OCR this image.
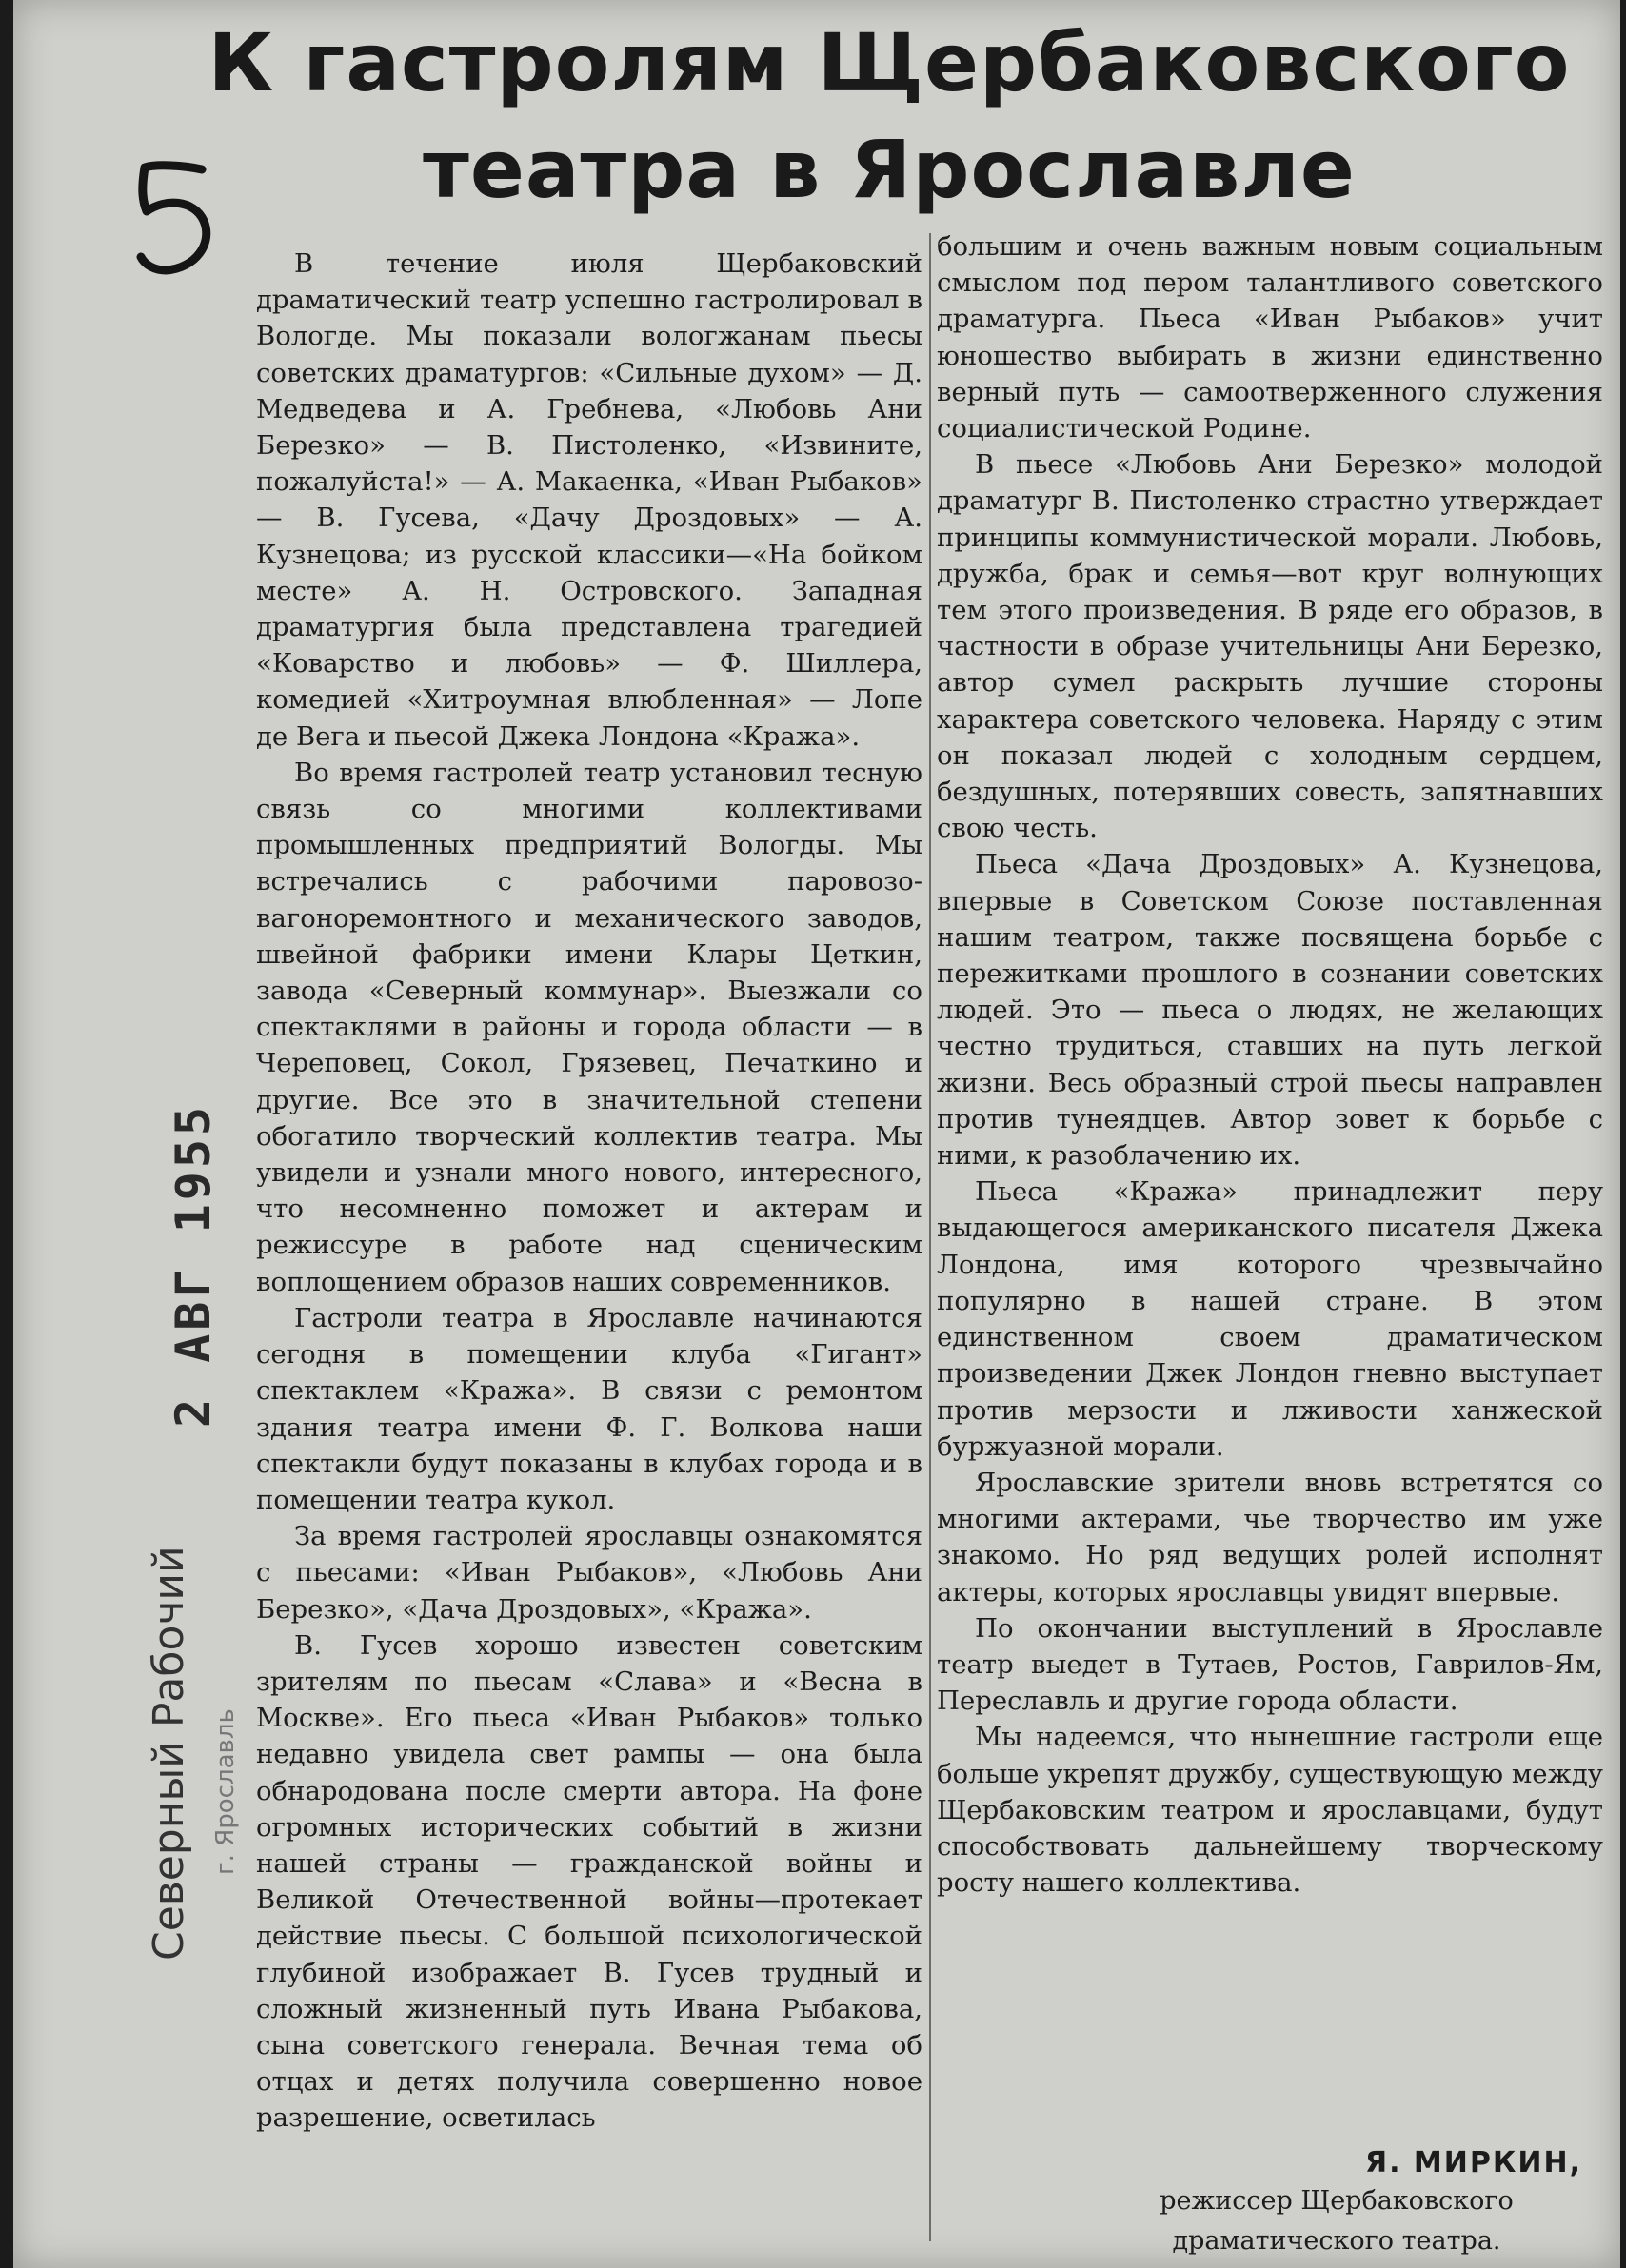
К гастролям Щербаковского
театра в Ярославле
2 АВГ 1955
Северный Рабочий г. Ярославль

В течение июля Щербаковский драматический театр успешно гастролировал в Вологде. Мы показали вологжанам пьесы советских драматургов: «Сильные духом» — Д. Медведева и А. Гребнева, «Любовь Ани Березко» — В. Пистоленко, «Извините, пожалуйста!» — А. Макаенка, «Иван Рыбаков» — В. Гусева, «Дачу Дроздовых» — А. Кузнецова; из русской классики—«На бойком месте» А. Н. Островского. Западная драматургия была представлена трагедией «Коварство и любовь» — Ф. Шиллера, комедией «Хитроумная влюбленная» — Лопе де Вега и пьесой Джека Лондона «Кража».

Во время гастролей театр установил тесную связь со многими коллективами промышленных предприятий Вологды. Мы встречались с рабочими паровозо-вагоноремонтного и механического заводов, швейной фабрики имени Клары Цеткин, завода «Северный коммунар». Выезжали со спектаклями в районы и города области — в Череповец, Сокол, Грязевец, Печаткино и другие. Все это в значительной степени обогатило творческий коллектив театра. Мы увидели и узнали много нового, интересного, что несомненно поможет и актерам и режиссуре в работе над сценическим воплощением образов наших современников.

Гастроли театра в Ярославле начинаются сегодня в помещении клуба «Гигант» спектаклем «Кража». В связи с ремонтом здания театра имени Ф. Г. Волкова наши спектакли будут показаны в клубах города и в помещении театра кукол.

За время гастролей ярославцы ознакомятся с пьесами: «Иван Рыбаков», «Любовь Ани Березко», «Дача Дроздовых», «Кража».

В. Гусев хорошо известен советским зрителям по пьесам «Слава» и «Весна в Москве». Его пьеса «Иван Рыбаков» только недавно увидела свет рампы — она была обнародована после смерти автора. На фоне огромных исторических событий в жизни нашей страны — гражданской войны и Великой Отечественной войны—протекает действие пьесы. С большой психологической глубиной изображает В. Гусев трудный и сложный жизненный путь Ивана Рыбакова, сына советского генерала. Вечная тема об отцах и детях получила совершенно новое разрешение, осветилась

большим и очень важным новым социальным смыслом под пером талантливого советского драматурга. Пьеса «Иван Рыбаков» учит юношество выбирать в жизни единственно верный путь — самоотверженного служения социалистической Родине.

В пьесе «Любовь Ани Березко» молодой драматург В. Пистоленко страстно утверждает принципы коммунистической морали. Любовь, дружба, брак и семья—вот круг волнующих тем этого произведения. В ряде его образов, в частности в образе учительницы Ани Березко, автор сумел раскрыть лучшие стороны характера советского человека. Наряду с этим он показал людей с холодным сердцем, бездушных, потерявших совесть, запятнавших свою честь.

Пьеса «Дача Дроздовых» А. Кузнецова, впервые в Советском Союзе поставленная нашим театром, также посвящена борьбе с пережитками прошлого в сознании советских людей. Это — пьеса о людях, не желающих честно трудиться, ставших на путь легкой жизни. Весь образный строй пьесы направлен против тунеядцев. Автор зовет к борьбе с ними, к разоблачению их.

Пьеса «Кража» принадлежит перу выдающегося американского писателя Джека Лондона, имя которого чрезвычайно популярно в нашей стране. В этом единственном своем драматическом произведении Джек Лондон гневно выступает против мерзости и лживости ханжеской буржуазной морали.

Ярославские зрители вновь встретятся со многими актерами, чье творчество им уже знакомо. Но ряд ведущих ролей исполнят актеры, которых ярославцы увидят впервые.

По окончании выступлений в Ярославле театр выедет в Тутаев, Ростов, Гаврилов-Ям, Переславль и другие города области.

Мы надеемся, что нынешние гастроли еще больше укрепят дружбу, существующую между Щербаковским театром и ярославцами, будут способствовать дальнейшему творческому росту нашего коллектива.

Я. МИРКИН,
режиссер Щербаковского
драматического театра.
